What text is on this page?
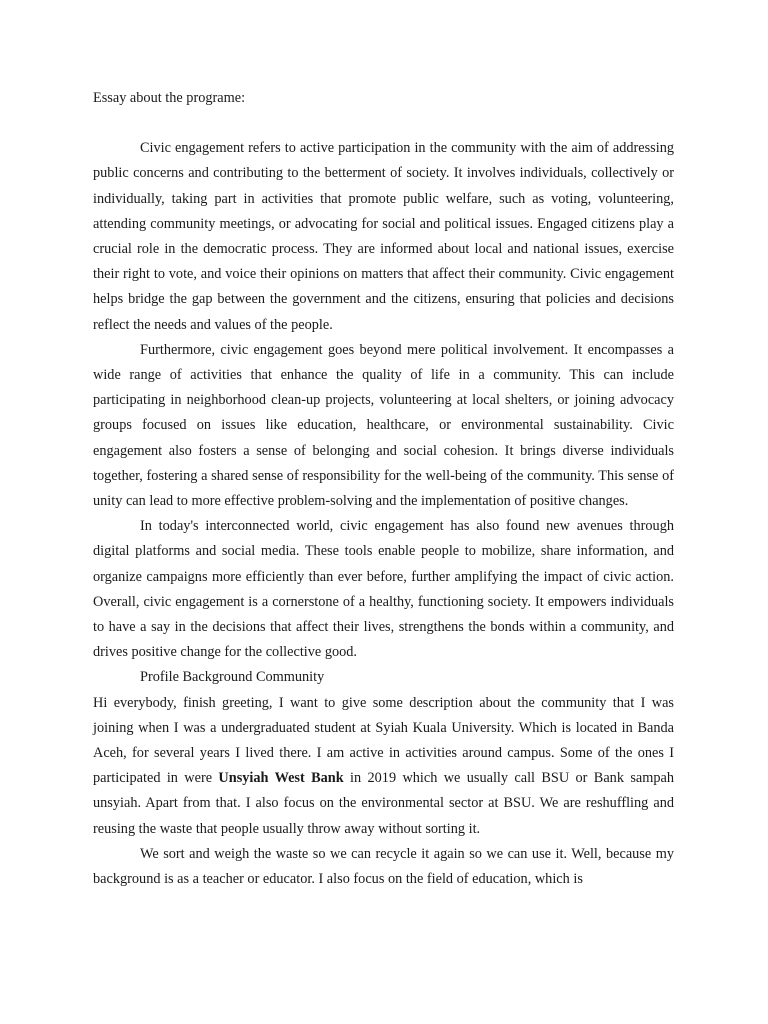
Essay about the programe:

Civic engagement refers to active participation in the community with the aim of addressing public concerns and contributing to the betterment of society. It involves individuals, collectively or individually, taking part in activities that promote public welfare, such as voting, volunteering, attending community meetings, or advocating for social and political issues. Engaged citizens play a crucial role in the democratic process. They are informed about local and national issues, exercise their right to vote, and voice their opinions on matters that affect their community. Civic engagement helps bridge the gap between the government and the citizens, ensuring that policies and decisions reflect the needs and values of the people.

Furthermore, civic engagement goes beyond mere political involvement. It encompasses a wide range of activities that enhance the quality of life in a community. This can include participating in neighborhood clean-up projects, volunteering at local shelters, or joining advocacy groups focused on issues like education, healthcare, or environmental sustainability. Civic engagement also fosters a sense of belonging and social cohesion. It brings diverse individuals together, fostering a shared sense of responsibility for the well-being of the community. This sense of unity can lead to more effective problem-solving and the implementation of positive changes.

In today's interconnected world, civic engagement has also found new avenues through digital platforms and social media. These tools enable people to mobilize, share information, and organize campaigns more efficiently than ever before, further amplifying the impact of civic action. Overall, civic engagement is a cornerstone of a healthy, functioning society. It empowers individuals to have a say in the decisions that affect their lives, strengthens the bonds within a community, and drives positive change for the collective good.

Profile Background Community

Hi everybody, finish greeting, I want to give some description about the community that I was joining when I was a undergraduated student at Syiah Kuala University. Which is located in Banda Aceh, for several years I lived there. I am active in activities around campus. Some of the ones I participated in were Unsyiah West Bank in 2019 which we usually call BSU or Bank sampah unsyiah. Apart from that. I also focus on the environmental sector at BSU. We are reshuffling and reusing the waste that people usually throw away without sorting it.

We sort and weigh the waste so we can recycle it again so we can use it. Well, because my background is as a teacher or educator. I also focus on the field of education, which is
